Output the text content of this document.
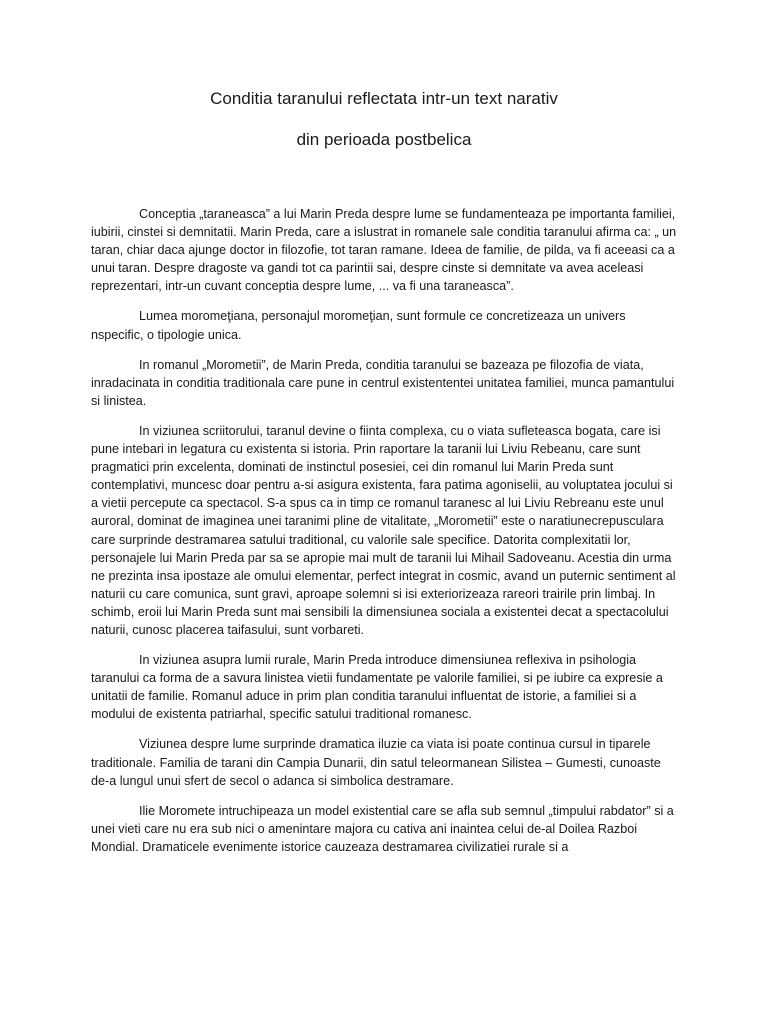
Conditia taranului reflectata intr-un text narativ
din perioada postbelica

Conceptia „taraneasca” a lui Marin Preda despre lume se fundamenteaza pe importanta familiei, iubirii, cinstei si demnitatii. Marin Preda, care a islustrat in romanele sale conditia taranului afirma ca: „ un taran, chiar daca ajunge doctor in filozofie, tot taran ramane. Ideea de familie, de pilda, va fi aceeasi ca a unui taran. Despre dragoste va gandi tot ca parintii sai, despre cinste si demnitate va avea aceleasi reprezentari, intr-un cuvant conceptia despre lume, ... va fi una taraneasca”.

Lumea moromeţiana, personajul moromeţian, sunt formule ce concretizeaza un univers nspecific, o tipologie unica.

In romanul „Morometii”, de Marin Preda, conditia taranului se bazeaza pe filozofia de viata, inradacinata in conditia traditionala care pune in centrul existententei unitatea familiei, munca pamantului si linistea.

In viziunea scriitorului, taranul devine o fiinta complexa, cu o viata sufleteasca bogata, care isi pune intebari in legatura cu existenta si istoria. Prin raportare la taranii lui Liviu Rebeanu, care sunt pragmatici prin excelenta, dominati de instinctul posesiei, cei din romanul lui Marin Preda sunt contemplativi, muncesc doar pentru a-si asigura existenta, fara patima agoniselii, au voluptatea jocului si a vietii percepute ca spectacol. S-a spus ca in timp ce romanul taranesc al lui Liviu Rebreanu este unul auroral, dominat de imaginea unei taranimi pline de vitalitate, „Morometii” este o naratiunecrepusculara care surprinde destramarea satului traditional, cu valorile sale specifice. Datorita complexitatii lor, personajele lui Marin Preda par sa se apropie mai mult de taranii lui Mihail Sadoveanu. Acestia din urma ne prezinta insa ipostaze ale omului elementar, perfect integrat in cosmic, avand un puternic sentiment al naturii cu care comunica, sunt gravi, aproape solemni si isi exteriorizeaza rareori trairile prin limbaj. In schimb, eroii lui Marin Preda sunt mai sensibili la dimensiunea sociala a existentei decat a spectacolului naturii, cunosc placerea taifasului, sunt vorbareti.

In viziunea asupra lumii rurale, Marin Preda introduce dimensiunea reflexiva in psihologia taranului ca forma de a savura linistea vietii fundamentate pe valorile familiei, si pe iubire ca expresie a unitatii de familie. Romanul aduce in prim plan conditia taranului influentat de istorie, a familiei si a modului de existenta patriarhal, specific satului traditional romanesc.

Viziunea despre lume surprinde dramatica iluzie ca viata isi poate continua cursul in tiparele traditionale. Familia de tarani din Campia Dunarii, din satul teleormanean Silistea – Gumesti, cunoaste de-a lungul unui sfert de secol o adanca si simbolica destramare.

Ilie Moromete intruchipeaza un model existential care se afla sub semnul „timpului rabdator” si a unei vieti care nu era sub nici o amenintare majora cu cativa ani inaintea celui de-al Doilea Razboi Mondial. Dramaticele evenimente istorice cauzeaza destramarea civilizatiei rurale si a
